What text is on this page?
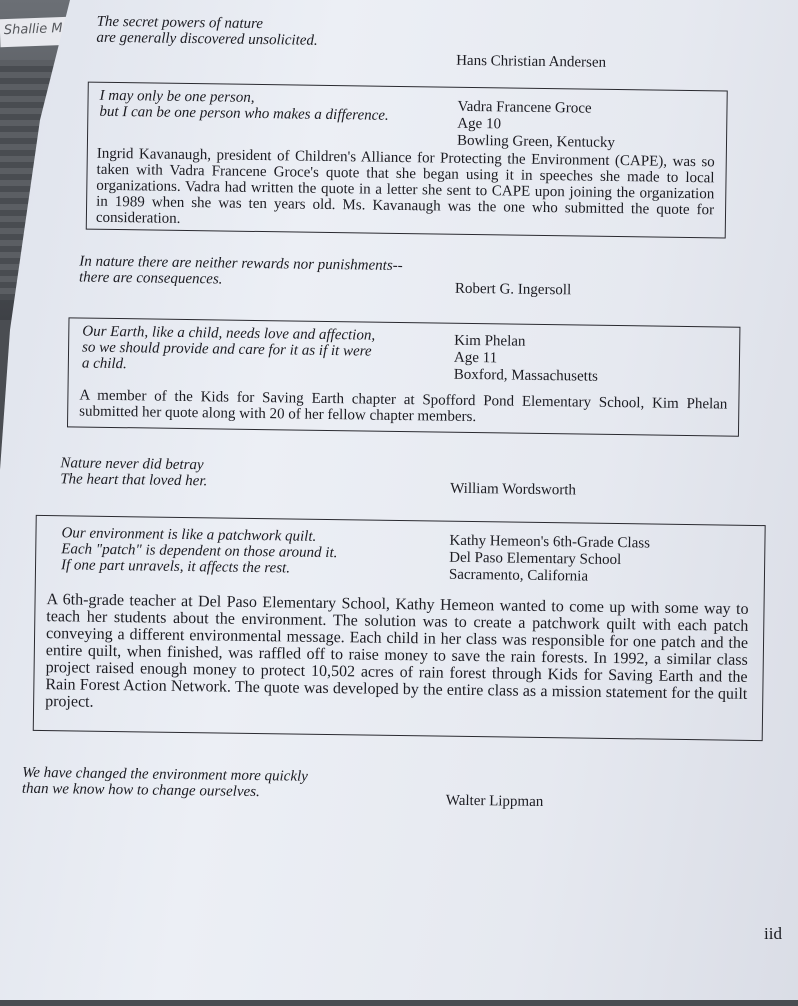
Shallie M	The secret powers of nature
are generally discovered unsolicited.
Hans Christian Andersen
I may only be one person,
but I can be one person who makes a difference.	Vadra Francene Groce
Age 10
Bowling Green, Kentucky
Ingrid Kavanaugh, president of Children's Alliance for Protecting the Environment (CAPE), was so taken with Vadra Francene Groce's quote that she began using it in speeches she made to local organizations. Vadra had written the quote in a letter she sent to CAPE upon joining the organization in 1989 when she was ten years old. Ms. Kavanaugh was the one who submitted the quote for consideration.
In nature there are neither rewards nor punishments--
there are consequences.
Robert G. Ingersoll
Our Earth, like a child, needs love and affection,
so we should provide and care for it as if it were
a child.
Kim Phelan
Age 11
Boxford, Massachusetts
A member of the Kids for Saving Earth chapter at Spofford Pond Elementary School, Kim Phelan submitted her quote along with 20 of her fellow chapter members.
Nature never did betray
The heart that loved her.
William Wordsworth
Our environment is like a patchwork quilt.
Each "patch" is dependent on those around it.
If one part unravels, it affects the rest.
Kathy Hemeon's 6th-Grade Class
Del Paso Elementary School
Sacramento, California
A 6th-grade teacher at Del Paso Elementary School, Kathy Hemeon wanted to come up with some way to teach her students about the environment. The solution was to create a patchwork quilt with each patch conveying a different environmental message. Each child in her class was responsible for one patch and the entire quilt, when finished, was raffled off to raise money to save the rain forests. In 1992, a similar class project raised enough money to protect 10,502 acres of rain forest through Kids for Saving Earth and the Rain Forest Action Network. The quote was developed by the entire class as a mission statement for the quilt project.
We have changed the environment more quickly
than we know how to change ourselves.
Walter Lippman
iid
